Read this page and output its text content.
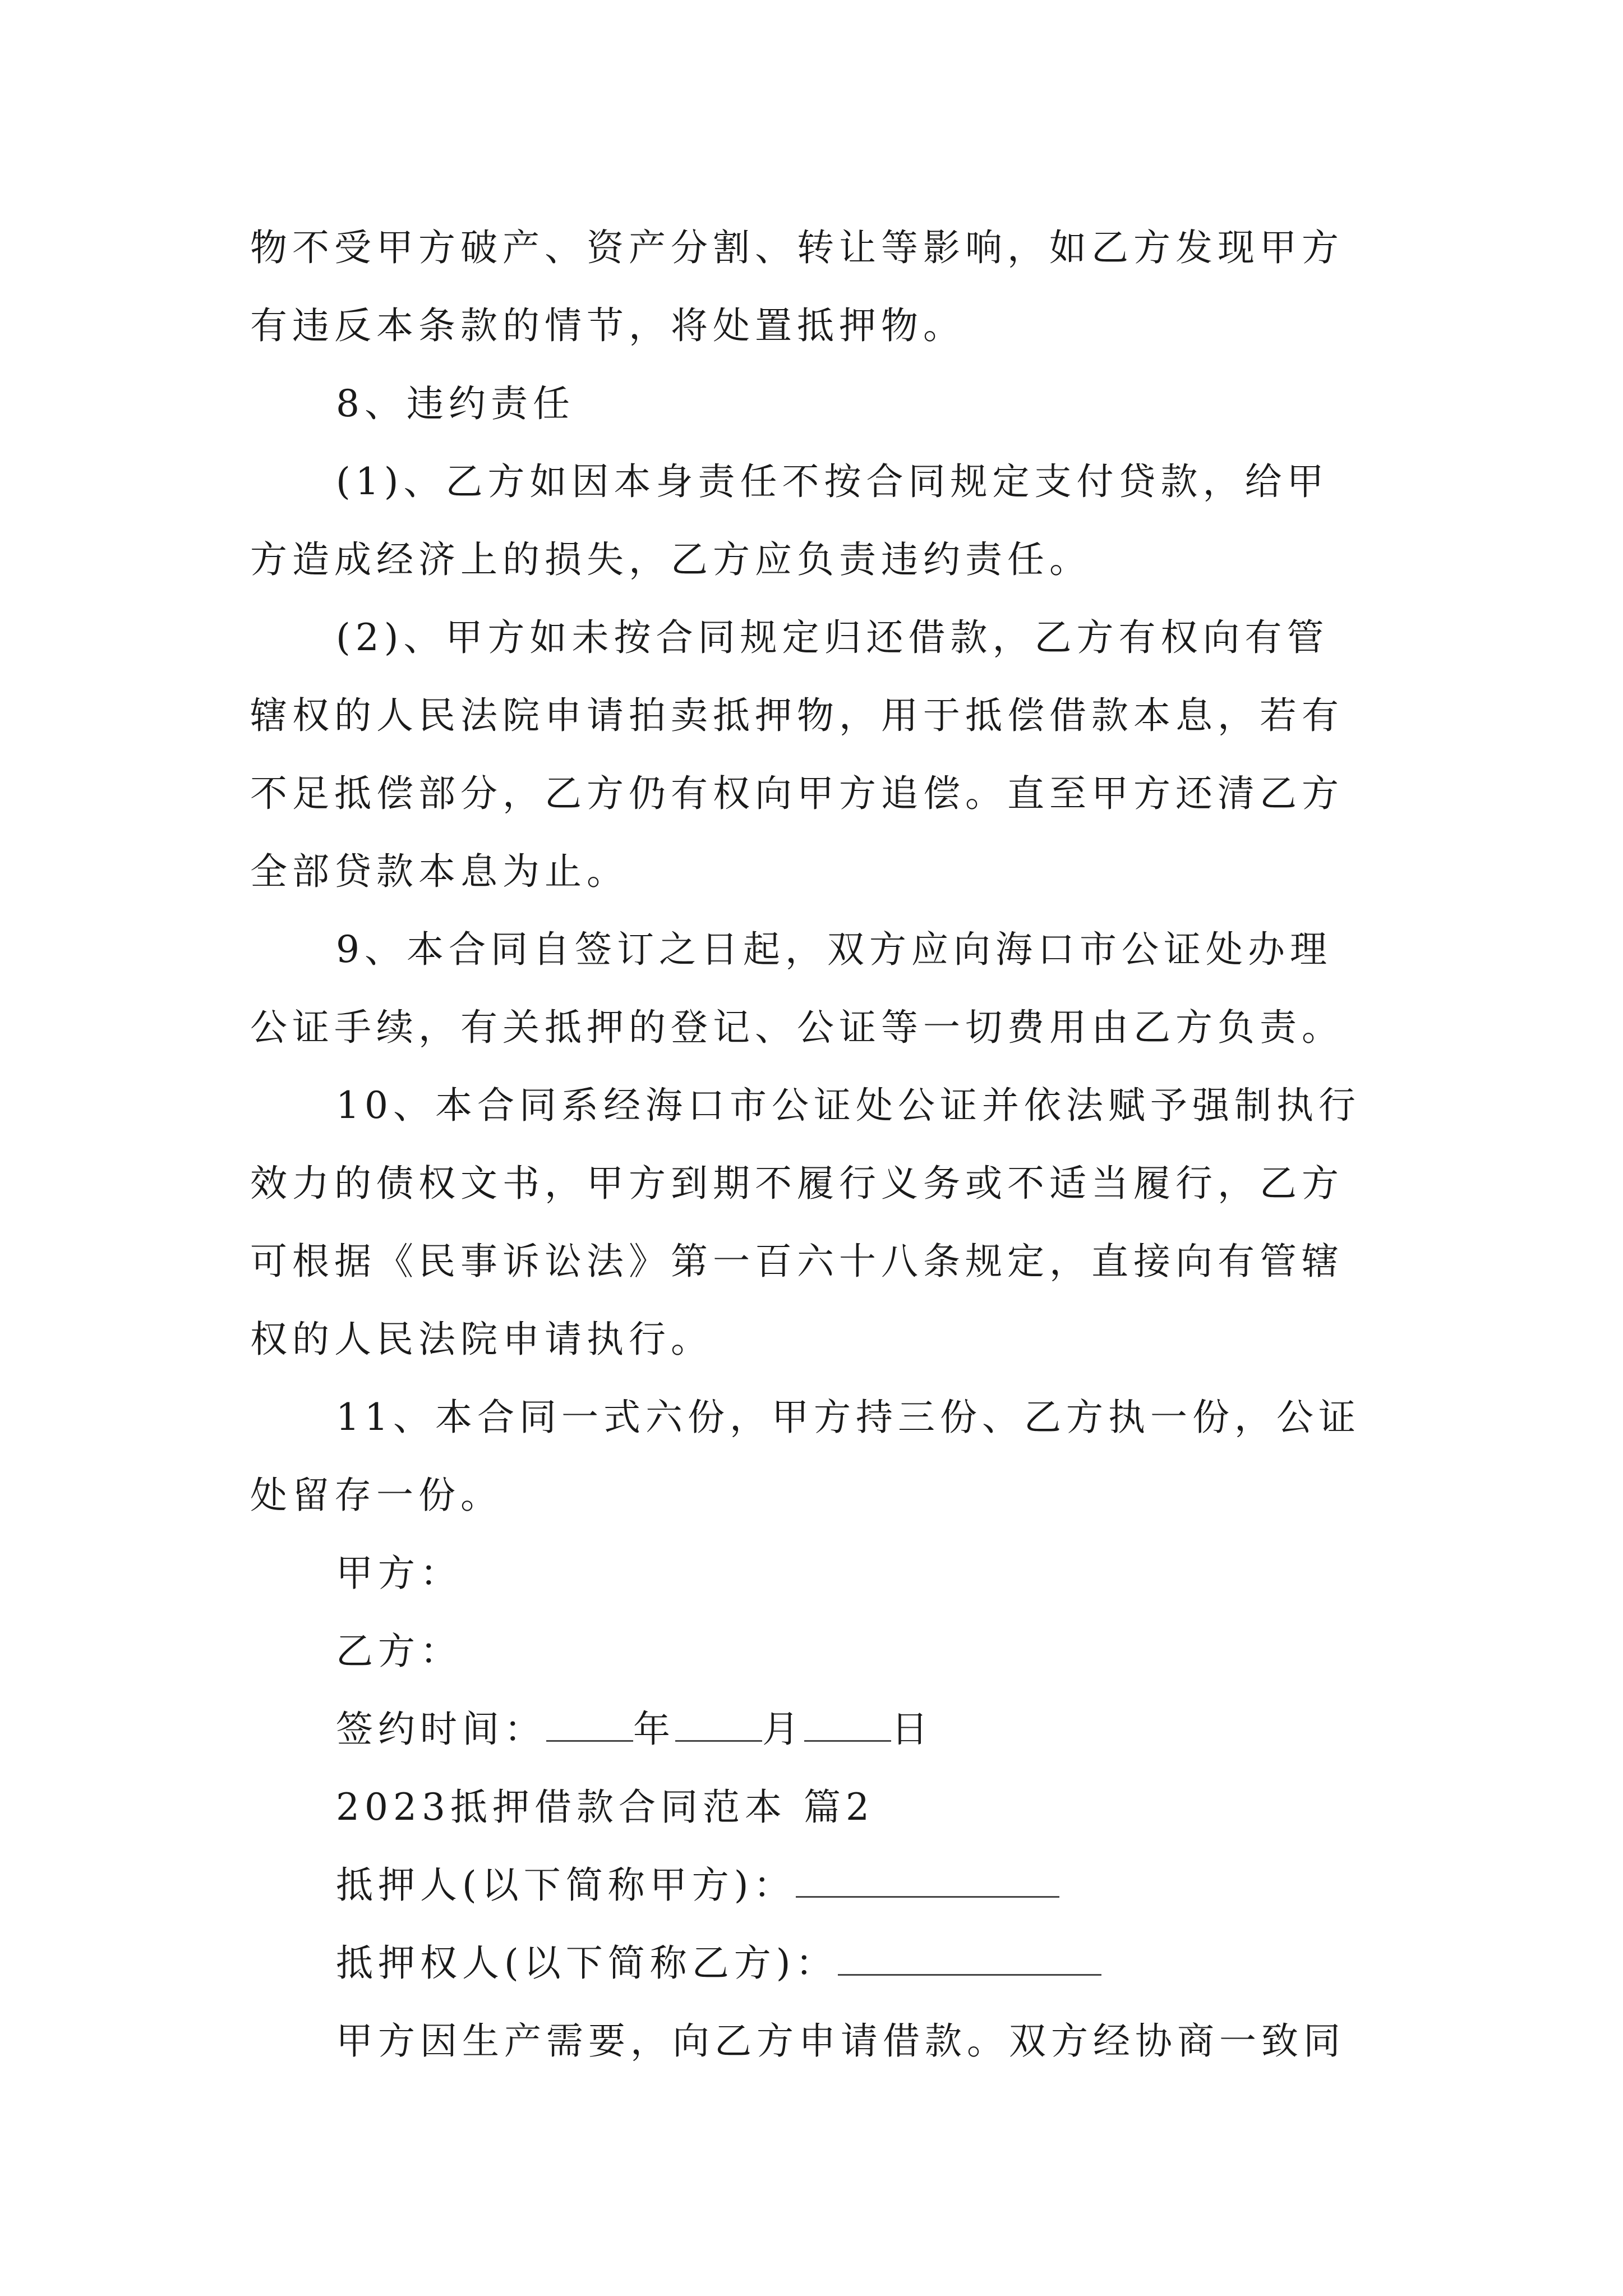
物不受甲方破产、资产分割、转让等影响，如乙方发现甲方
有违反本条款的情节，将处置抵押物。
8、违约责任
(1)、乙方如因本身责任不按合同规定支付贷款，给甲
方造成经济上的损失，乙方应负责违约责任。
(2)、甲方如未按合同规定归还借款，乙方有权向有管
辖权的人民法院申请拍卖抵押物，用于抵偿借款本息，若有
不足抵偿部分，乙方仍有权向甲方追偿。直至甲方还清乙方
全部贷款本息为止。
9、本合同自签订之日起，双方应向海口市公证处办理
公证手续，有关抵押的登记、公证等一切费用由乙方负责。
10、本合同系经海口市公证处公证并依法赋予强制执行
效力的债权文书，甲方到期不履行义务或不适当履行，乙方
可根据《民事诉讼法》第一百六十八条规定，直接向有管辖
权的人民法院申请执行。
11、本合同一式六份，甲方持三份、乙方执一份，公证
处留存一份。
甲方：
乙方：
签约时间： 年 月 日
2023抵押借款合同范本 篇2
抵押人(以下简称甲方)：
抵押权人(以下简称乙方)：
甲方因生产需要，向乙方申请借款。双方经协商一致同
